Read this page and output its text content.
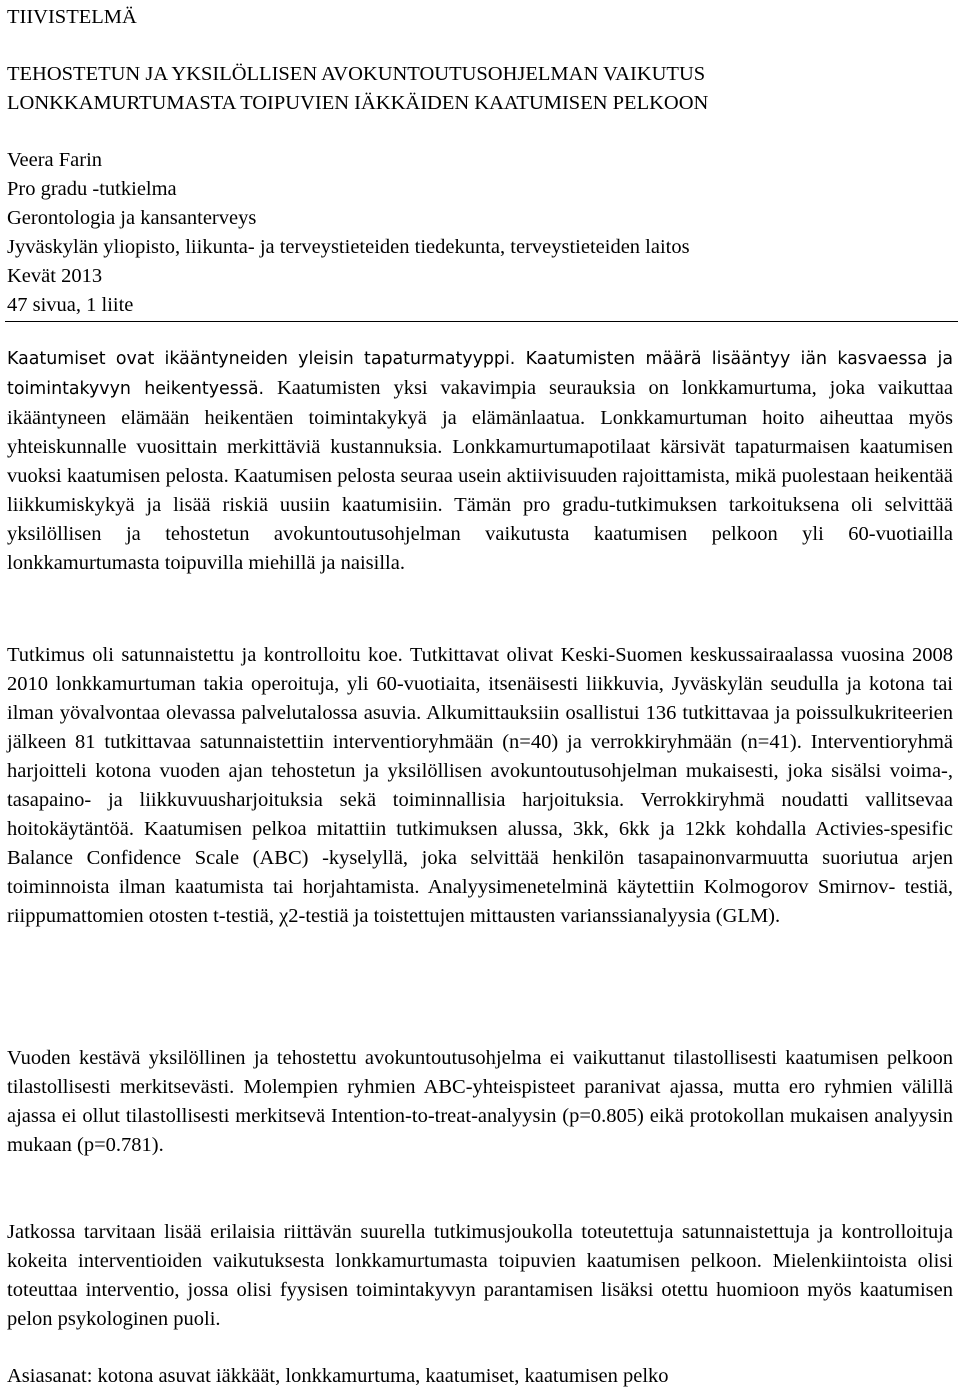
TIIVISTELMÄ
TEHOSTETUN JA YKSILÖLLISEN AVOKUNTOUTUSOHJELMAN VAIKUTUS
LONKKAMURTUMASTA TOIPUVIEN IÄKKÄIDEN KAATUMISEN PELKOON
Veera Farin
Pro gradu -tutkielma
Gerontologia ja kansanterveys
Jyväskylän yliopisto, liikunta- ja terveystieteiden tiedekunta, terveystieteiden laitos
Kevät 2013
47 sivua, 1 liite

Kaatumiset ovat ikääntyneiden yleisin tapaturmatyyppi. Kaatumisten määrä lisääntyy iän kasvaessa ja toimintakyvyn heikentyessä. Kaatumisten yksi vakavimpia seurauksia on lonkkamurtuma, joka vaikuttaa ikääntyneen elämään heikentäen toimintakykyä ja elämänlaatua. Lonkkamurtuman hoito aiheuttaa myös yhteiskunnalle vuosittain merkittäviä kustannuksia. Lonkkamurtumapotilaat kärsivät tapaturmaisen kaatumisen vuoksi kaatumisen pelosta. Kaatumisen pelosta seuraa usein aktiivisuuden rajoittamista, mikä puolestaan heikentää liikkumiskykyä ja lisää riskiä uusiin kaatumisiin. Tämän pro gradu-tutkimuksen tarkoituksena oli selvittää yksilöllisen ja tehostetun avokuntoutusohjelman vaikutusta kaatumisen pelkoon yli 60-vuotiailla lonkkamurtumasta toipuvilla miehillä ja naisilla.

Tutkimus oli satunnaistettu ja kontrolloitu koe. Tutkittavat olivat Keski-Suomen keskussairaalassa vuosina 2008 2010 lonkkamurtuman takia operoituja, yli 60-vuotiaita, itsenäisesti liikkuvia, Jyväskylän seudulla ja kotona tai ilman yövalvontaa olevassa palvelutalossa asuvia. Alkumittauksiin osallistui 136 tutkittavaa ja poissulkukriteerien jälkeen 81 tutkittavaa satunnaistettiin interventioryhmään (n=40) ja verrokkiryhmään (n=41). Interventioryhmä harjoitteli kotona vuoden ajan tehostetun ja yksilöllisen avokuntoutusohjelman mukaisesti, joka sisälsi voima-, tasapaino- ja liikkuvuusharjoituksia sekä toiminnallisia harjoituksia. Verrokkiryhmä noudatti vallitsevaa hoitokäytäntöä. Kaatumisen pelkoa mitattiin tutkimuksen alussa, 3kk, 6kk ja 12kk kohdalla Activies-spesific Balance Confidence Scale (ABC) -kyselyllä, joka selvittää henkilön tasapainonvarmuutta suoriutua arjen toiminnoista ilman kaatumista tai horjahtamista. Analyysimenetelminä käytettiin Kolmogorov Smirnov- testiä, riippumattomien otosten t-testiä, χ2-testiä ja toistettujen mittausten varianssianalyysia (GLM).

Vuoden kestävä yksilöllinen ja tehostettu avokuntoutusohjelma ei vaikuttanut tilastollisesti kaatumisen pelkoon tilastollisesti merkitsevästi. Molempien ryhmien ABC-yhteispisteet paranivat ajassa, mutta ero ryhmien välillä ajassa ei ollut tilastollisesti merkitsevä Intention-to-treat-analyysin (p=0.805) eikä protokollan mukaisen analyysin mukaan (p=0.781).

Jatkossa tarvitaan lisää erilaisia riittävän suurella tutkimusjoukolla toteutettuja satunnaistettuja ja kontrolloituja kokeita interventioiden vaikutuksesta lonkkamurtumasta toipuvien kaatumisen pelkoon. Mielenkiintoista olisi toteuttaa interventio, jossa olisi fyysisen toimintakyvyn parantamisen lisäksi otettu huomioon myös kaatumisen pelon psykologinen puoli.

Asiasanat: kotona asuvat iäkkäät, lonkkamurtuma, kaatumiset, kaatumisen pelko
